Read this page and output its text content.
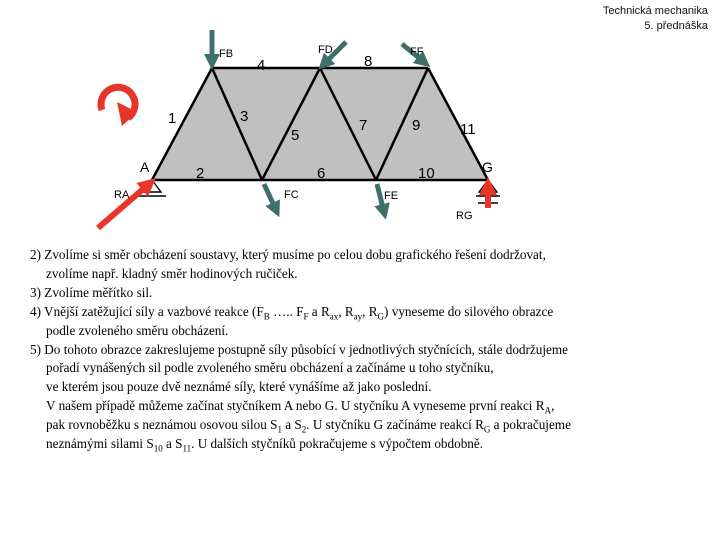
Technická mechanika
5. přednáška
1
2
3
4
5
6
7
8
9
10
11
A	G
FB	FD	FF
FC	FE
RA
RG

2) Zvolíme si směr obcházení soustavy, který musíme po celou dobu grafického řešení dodržovat,

zvolíme např. kladný směr hodinových ručiček.

3) Zvolíme měřítko sil.

4) Vnější zatěžující síly a vazbové reakce ($F_B$ ….. $F_F$ a $R_{ax}$, $R_{ay}$, $R_G$) vyneseme do silového obrazce

podle zvoleného směru obcházení.

5) Do tohoto obrazce zakreslujeme postupně síly působící v jednotlivých styčnících, stále dodržujeme

pořadí vynášených sil podle zvoleného směru obcházení a začínáme u toho styčníku,

ve kterém jsou pouze dvě neznámé síly, které vynášíme až jako poslední.

V našem případě můžeme začínat styčníkem A nebo G. U styčníku A vyneseme první reakci $R_A$,

pak rovnoběžku s neznámou osovou silou $S_1$ a $S_2$. U styčníku G začínáme reakcí $R_G$ a pokračujeme

neznámými silami $S_{10}$ a $S_{11}$. U dalších styčníků pokračujeme s výpočtem obdobně.
